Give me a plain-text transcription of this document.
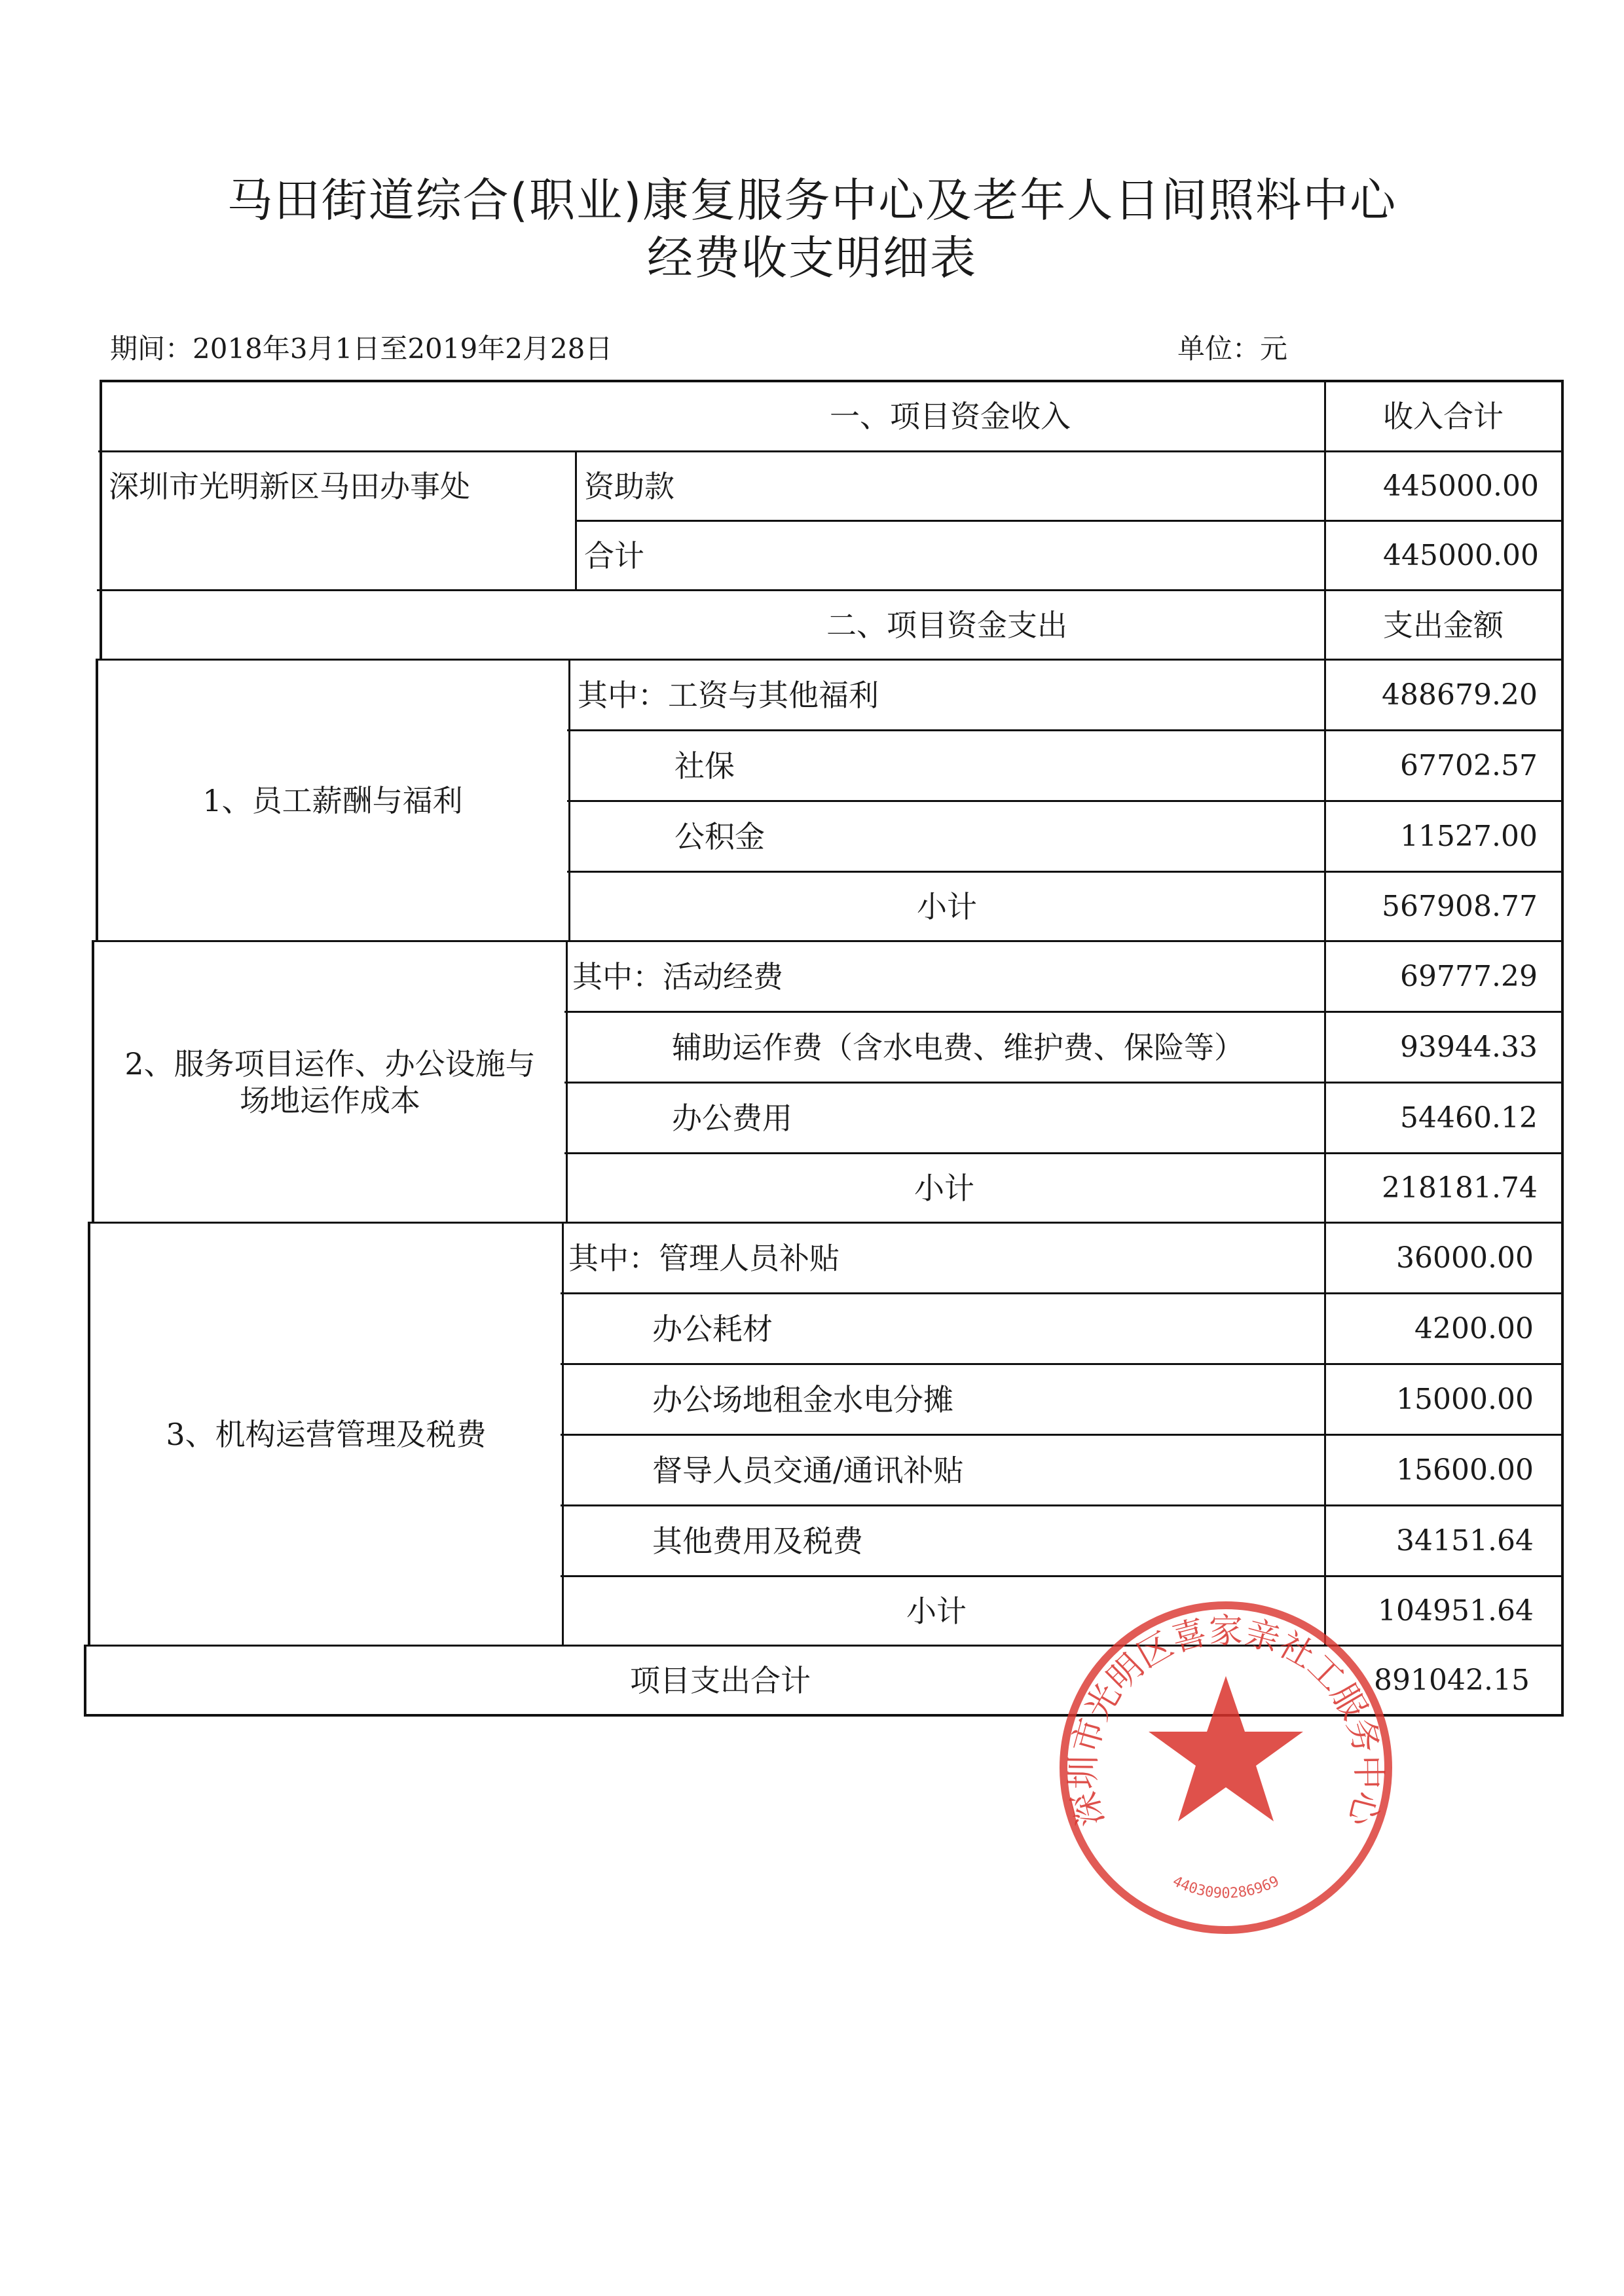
马田街道综合(职业)康复服务中心及老年人日间照料中心
经费收支明细表
期间：2018年3月1日至2019年2月28日	单位：元
一、项目资金收入	收入合计
深圳市光明新区马田办事处	资助款	445000.00
合计	445000.00
二、项目资金支出	支出金额
1、员工薪酬与福利
其中：工资与其他福利	488679.20
社保	67702.57
公积金	11527.00
小计	567908.77
2、服务项目运作、办公设施与
场地运作成本
其中：活动经费	69777.29
辅助运作费（含水电费、维护费、保险等）	93944.33
办公费用	54460.12
小计	218181.74
3、机构运营管理及税费
其中：管理人员补贴	36000.00
办公耗材	4200.00
办公场地租金水电分摊	15000.00
督导人员交通/通讯补贴	15600.00
其他费用及税费	34151.64
小计	104951.64
项目支出合计	891042.15
深圳市光明区喜家亲社工服务中心
4403090286969
